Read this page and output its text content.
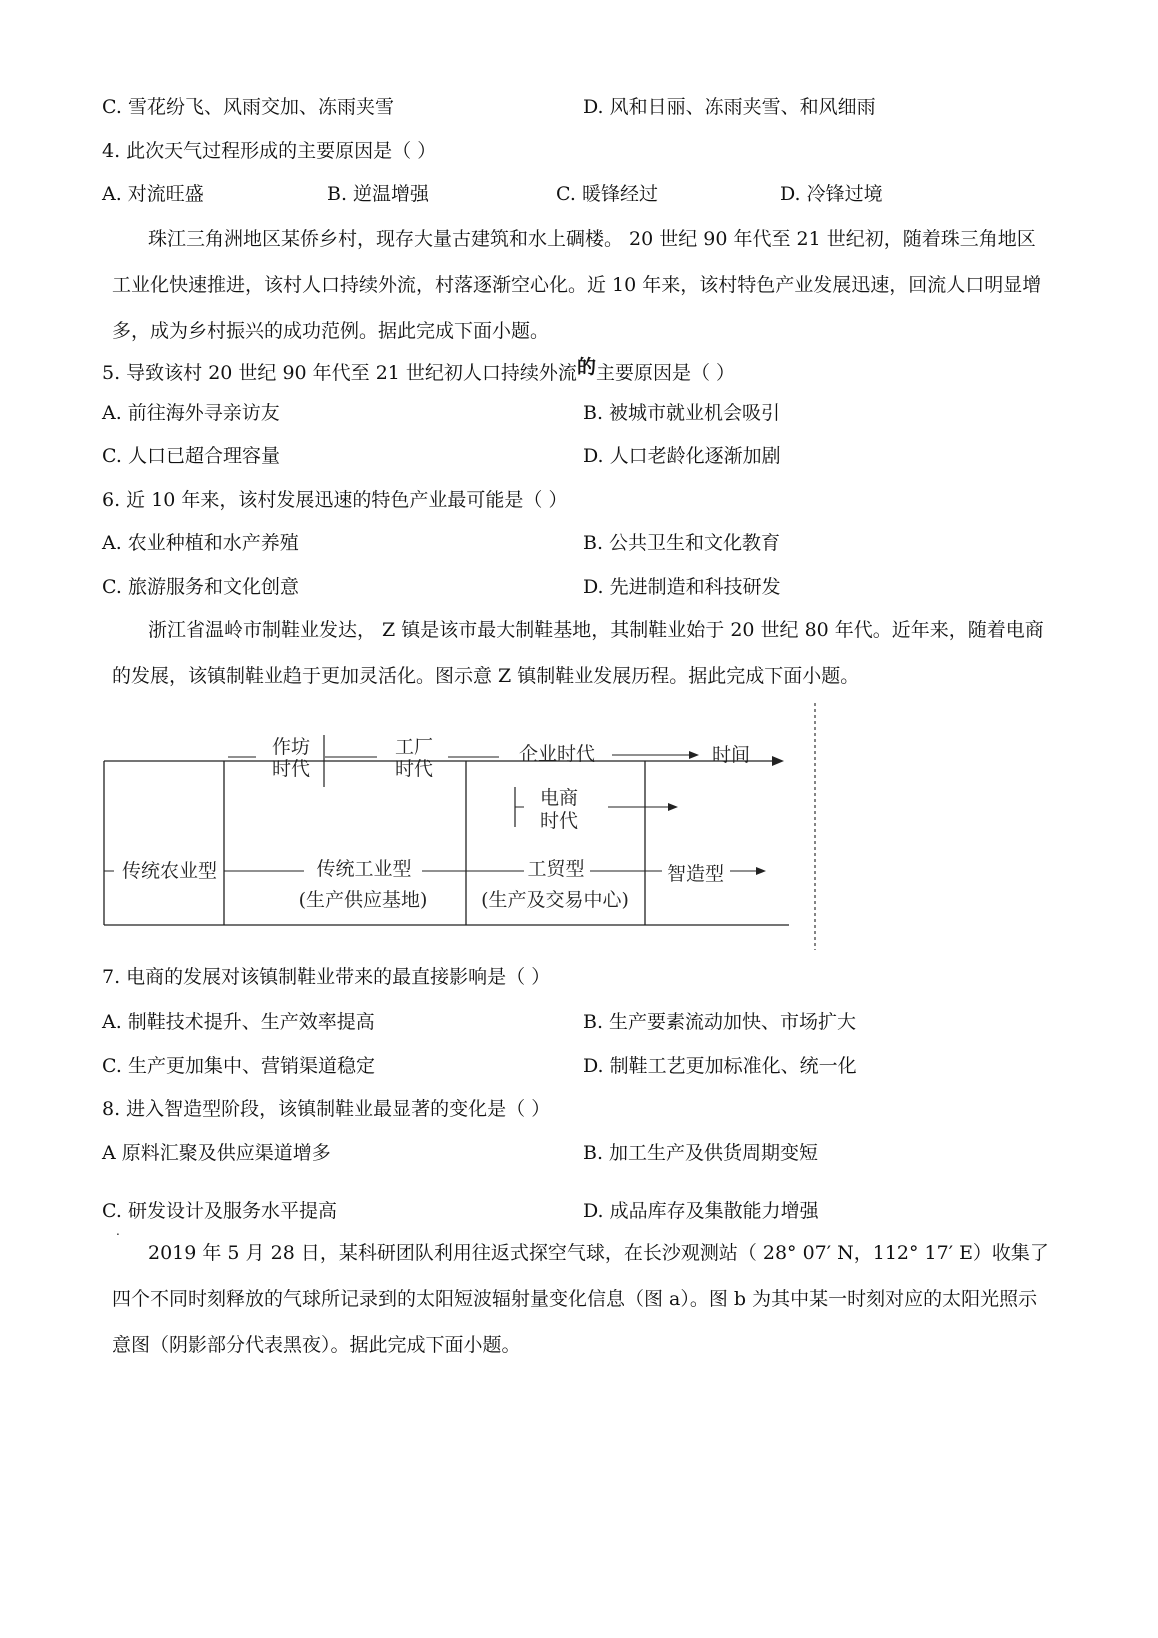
C. 雪花纷飞、风雨交加、冻雨夹雪	D. 风和日丽、冻雨夹雪、和风细雨
4. 此次天气过程形成的主要原因是（ ）
A. 对流旺盛	B. 逆温增强	C. 暖锋经过	D. 冷锋过境
珠江三角洲地区某侨乡村，现存大量古建筑和水上碉楼。 20 世纪 90 年代至 21 世纪初，随着珠三角地区工业化快速推进，该村人口持续外流，村落逐渐空心化。近 10 年来，该村特色产业发展迅速，回流人口明显增多，成为乡村振兴的成功范例。据此完成下面小题。
5. 导致该村 20 世纪 90 年代至 21 世纪初人口持续外流的主要原因是（ ）
A. 前往海外寻亲访友	B. 被城市就业机会吸引
C. 人口已超合理容量	D. 人口老龄化逐渐加剧
6. 近 10 年来，该村发展迅速的特色产业最可能是（ ）
A. 农业种植和水产养殖	B. 公共卫生和文化教育
C. 旅游服务和文化创意	D. 先进制造和科技研发
浙江省温岭市制鞋业发达， Z 镇是该市最大制鞋基地，其制鞋业始于 20 世纪 80 年代。近年来，随着电商的发展，该镇制鞋业趋于更加灵活化。图示意 Z 镇制鞋业发展历程。据此完成下面小题。
作坊
时代
工厂
时代
企业时代	时间
电商
时代
传统农业型	传统工业型
(生产供应基地)
工贸型
(生产及交易中心)
智造型
7. 电商的发展对该镇制鞋业带来的最直接影响是（ ）
A. 制鞋技术提升、生产效率提高	B. 生产要素流动加快、市场扩大
C. 生产更加集中、营销渠道稳定	D. 制鞋工艺更加标准化、统一化
8. 进入智造型阶段，该镇制鞋业最显著的变化是（ ）
A 原料汇聚及供应渠道增多
.
B. 加工生产及供货周期变短
C. 研发设计及服务水平提高	D. 成品库存及集散能力增强
2019 年 5 月 28 日，某科研团队利用往返式探空气球，在长沙观测站（ 28° 07′ N，112° 17′ E）收集了四个不同时刻释放的气球所记录到的太阳短波辐射量变化信息（图 a）。图 b 为其中某一时刻对应的太阳光照示意图（阴影部分代表黑夜）。据此完成下面小题。
